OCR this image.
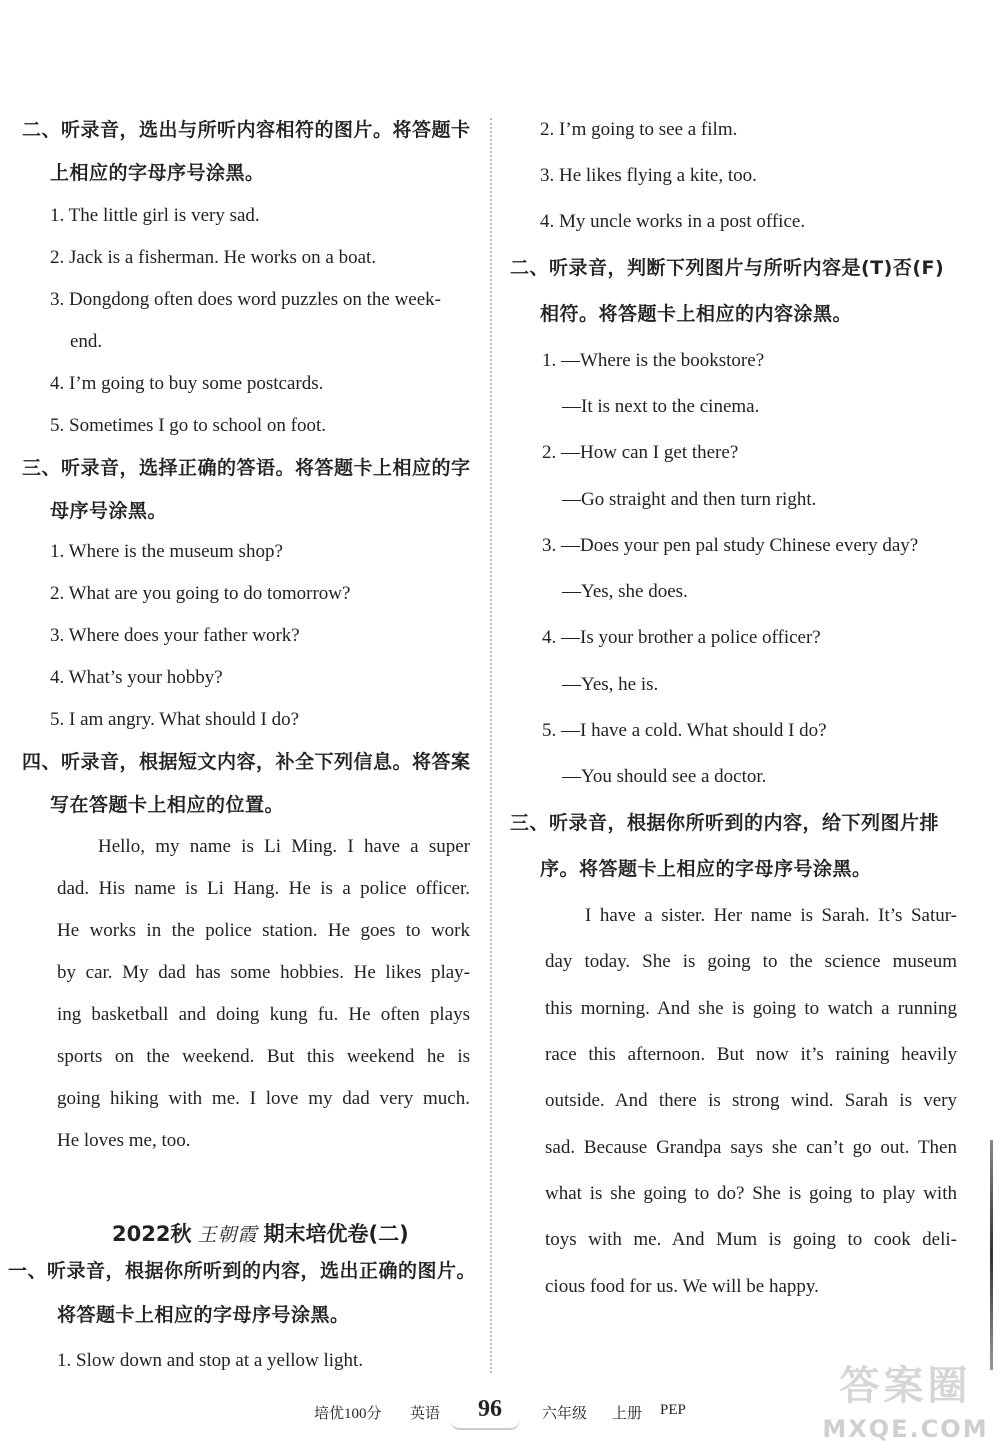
二、听录音，选出与所听内容相符的图片。将答题卡
上相应的字母序号涂黑。
1. The little girl is very sad.
2. Jack is a fisherman. He works on a boat.
3. Dongdong often does word puzzles on the week-
end.
4. I’m going to buy some postcards.
5. Sometimes I go to school on foot.
三、听录音，选择正确的答语。将答题卡上相应的字
母序号涂黑。
1. Where is the museum shop?
2. What are you going to do tomorrow?
3. Where does your father work?
4. What’s your hobby?
5. I am angry. What should I do?
四、听录音，根据短文内容，补全下列信息。将答案
写在答题卡上相应的位置。
Hello, my name is Li Ming. I have a super
dad. His name is Li Hang. He is a police officer.
He works in the police station. He goes to work
by car. My dad has some hobbies. He likes play-
ing basketball and doing kung fu. He often plays
sports on the weekend. But this weekend he is
going hiking with me. I love my dad very much.
He loves me, too.
2022秋 王朝霞 期末培优卷(二)
一、听录音，根据你所听到的内容，选出正确的图片。
将答题卡上相应的字母序号涂黑。
1. Slow down and stop at a yellow light.
2. I’m going to see a film.
3. He likes flying a kite, too.
4. My uncle works in a post office.
二、听录音，判断下列图片与所听内容是(T)否(F)
相符。将答题卡上相应的内容涂黑。
1. —Where is the bookstore?
—It is next to the cinema.
2. —How can I get there?
—Go straight and then turn right.
3. —Does your pen pal study Chinese every day?
—Yes, she does.
4. —Is your brother a police officer?
—Yes, he is.
5. —I have a cold. What should I do?
—You should see a doctor.
三、听录音，根据你所听到的内容，给下列图片排
序。将答题卡上相应的字母序号涂黑。
I have a sister. Her name is Sarah. It’s Satur-
day today. She is going to the science museum
this morning. And she is going to watch a running
race this afternoon. But now it’s raining heavily
outside. And there is strong wind. Sarah is very
sad. Because Grandpa says she can’t go out. Then
what is she going to do? She is going to play with
toys with me. And Mum is going to cook deli-
cious food for us. We will be happy.
培优100分 英语 96	六年级 上册 PEP
答案圈
MXQE.COM
